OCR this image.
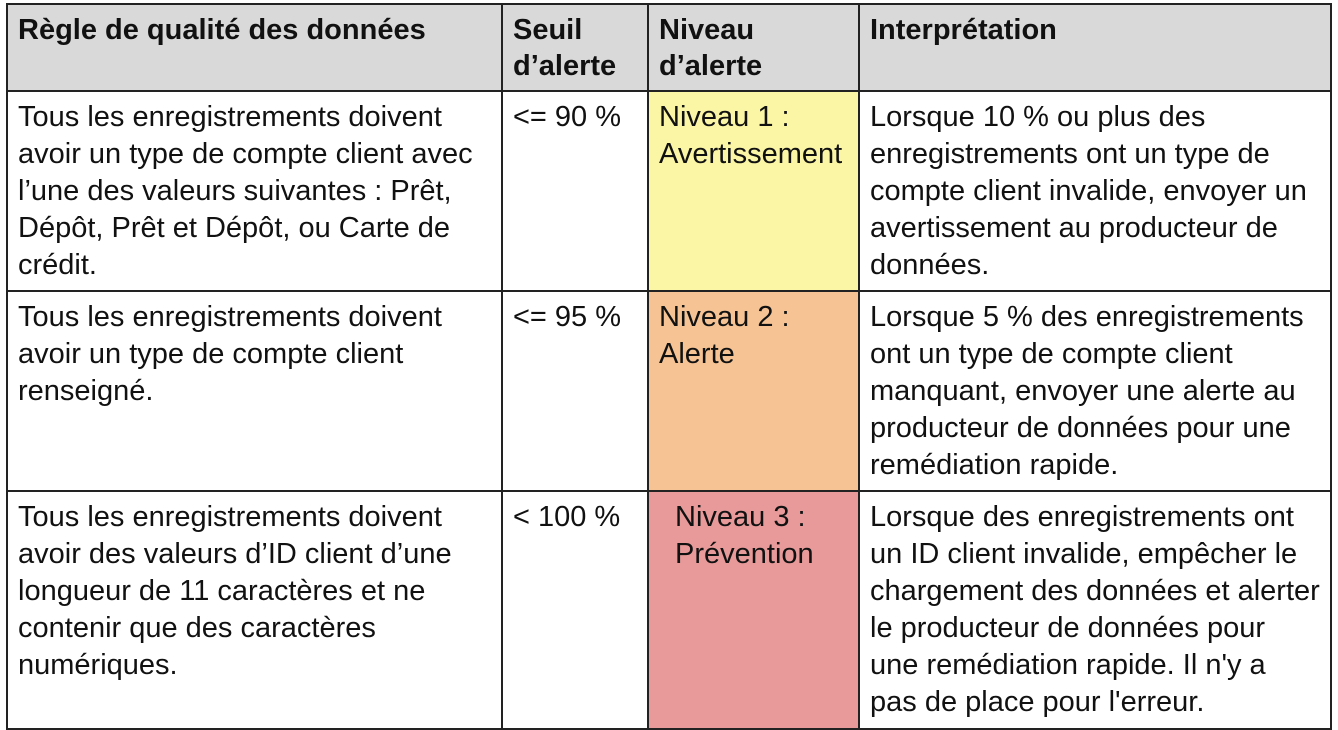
Règle de qualité des données	Seuil d’alerte	Niveau d’alerte	Interprétation
Tous les enregistrements doivent avoir un type de compte client avec l’une des valeurs suivantes : Prêt, Dépôt, Prêt et Dépôt, ou Carte de crédit.	<= 90 %	Niveau 1 : Avertissement	Lorsque 10 % ou plus des enregistrements ont un type de compte client invalide, envoyer un avertissement au producteur de données.
Tous les enregistrements doivent avoir un type de compte client renseigné.	<= 95 %	Niveau 2 : Alerte	Lorsque 5 % des enregistrements ont un type de compte client manquant, envoyer une alerte au producteur de données pour une remédiation rapide.
Tous les enregistrements doivent avoir des valeurs d’ID client d’une longueur de 11 caractères et ne contenir que des caractères numériques.	< 100 %	Niveau 3 : Prévention	Lorsque des enregistrements ont un ID client invalide, empêcher le chargement des données et alerter le producteur de données pour une remédiation rapide. Il n'y a pas de place pour l'erreur.
